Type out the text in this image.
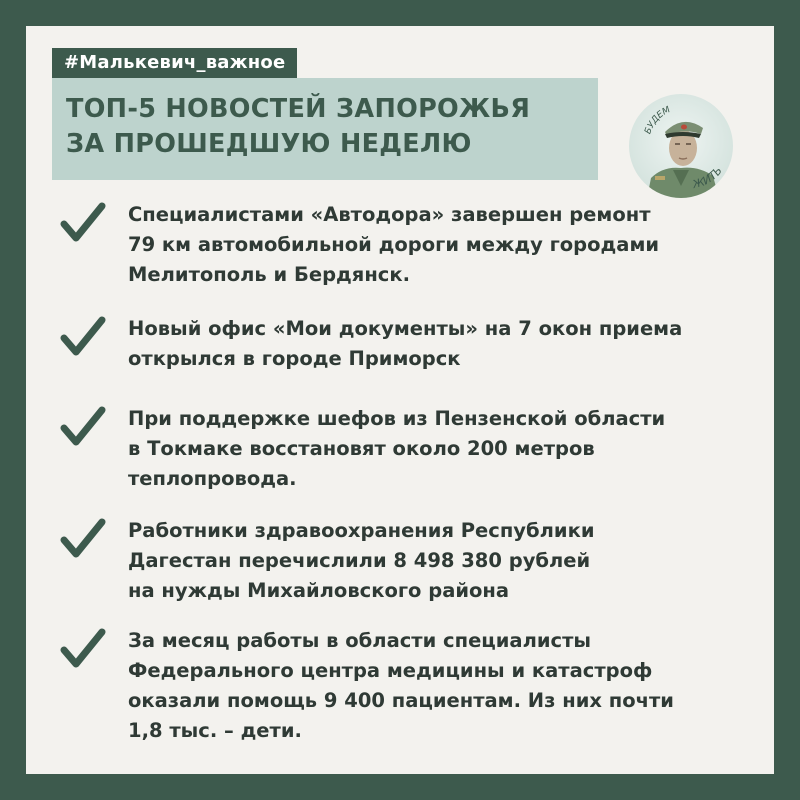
#Малькевич_важное
ТОП-5 НОВОСТЕЙ ЗАПОРОЖЬЯ
ЗА ПРОШЕДШУЮ НЕДЕЛЮ	БУДЕМ
ЖИТЬ
Специалистами «Автодора» завершен ремонт
79 км автомобильной дороги между городами
Мелитополь и Бердянск.
Новый офис «Мои документы» на 7 окон приема
открылся в городе Приморск
При поддержке шефов из Пензенской области
в Токмаке восстановят около 200 метров
теплопровода.
Работники здравоохранения Республики
Дагестан перечислили 8 498 380 рублей
на нужды Михайловского района
За месяц работы в области специалисты
Федерального центра медицины и катастроф
оказали помощь 9 400 пациентам. Из них почти
1,8 тыс. – дети.
